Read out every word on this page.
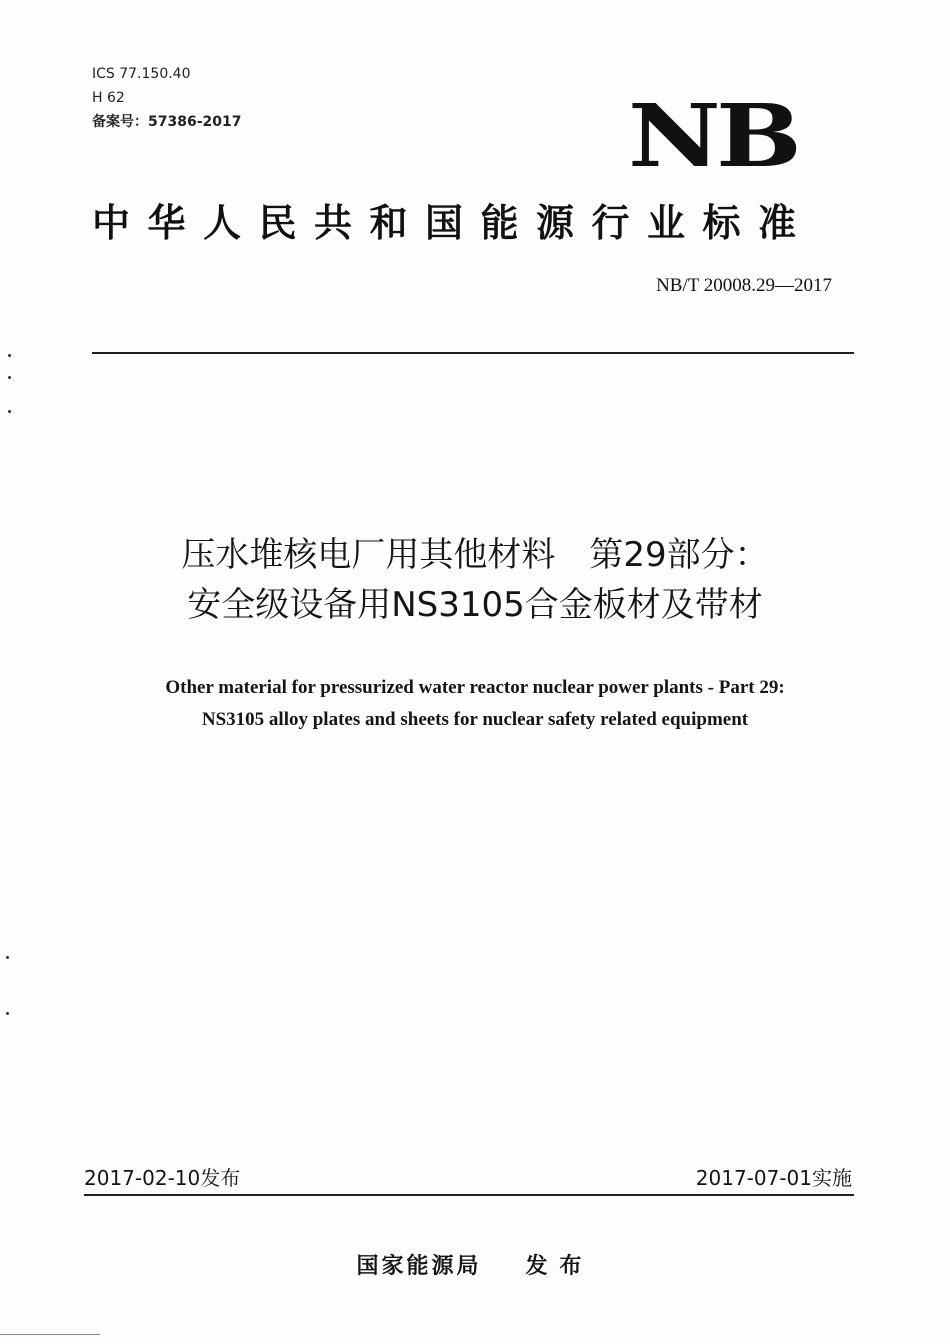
ICS 77.150.40
H 62
备案号：57386-2017	NB
中华人民共和国能源行业标准
NB/T 20008.29—2017
压水堆核电厂用其他材料　第29部分：
安全级设备用NS3105合金板材及带材
Other material for pressurized water reactor nuclear power plants - Part 29:
NS3105 alloy plates and sheets for nuclear safety related equipment
2017-02-10发布	2017-07-01实施
国家能源局 发布
